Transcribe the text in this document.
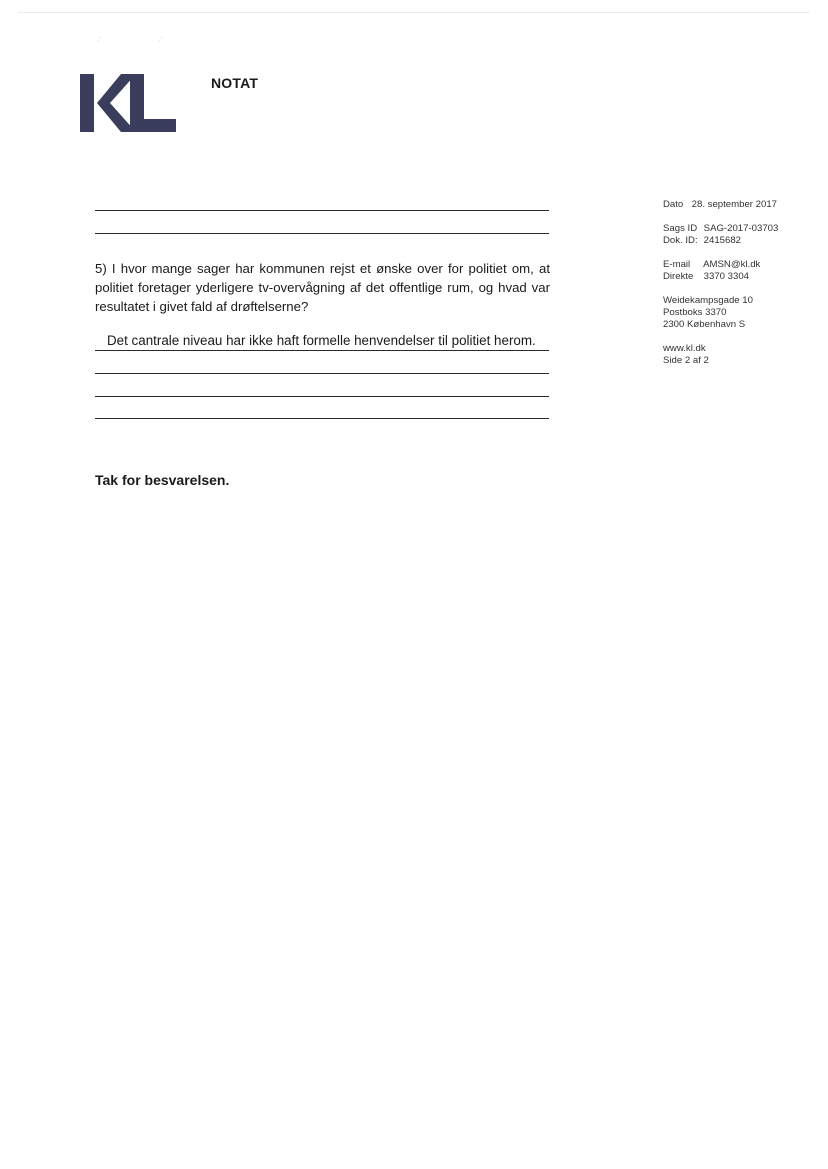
·˙	·˙
NOTAT

5) I hvor mange sager har kommunen rejst et ønske over for politiet om, at politiet foretager yderligere tv-overvågning af det offentlige rum, og hvad var resultatet i givet fald af drøftelserne?

Det cantrale niveau har ikke haft formelle henvendelser til politiet herom.

Tak for besvarelsen.

Dato 28. september 2017
Sags ID SAG-2017-03703
Dok. ID: 2415682
E-mail AMSN@kl.dk
Direkte 3370 3304
Weidekampsgade 10
Postboks 3370
2300 København S
www.kl.dk
Side 2 af 2
